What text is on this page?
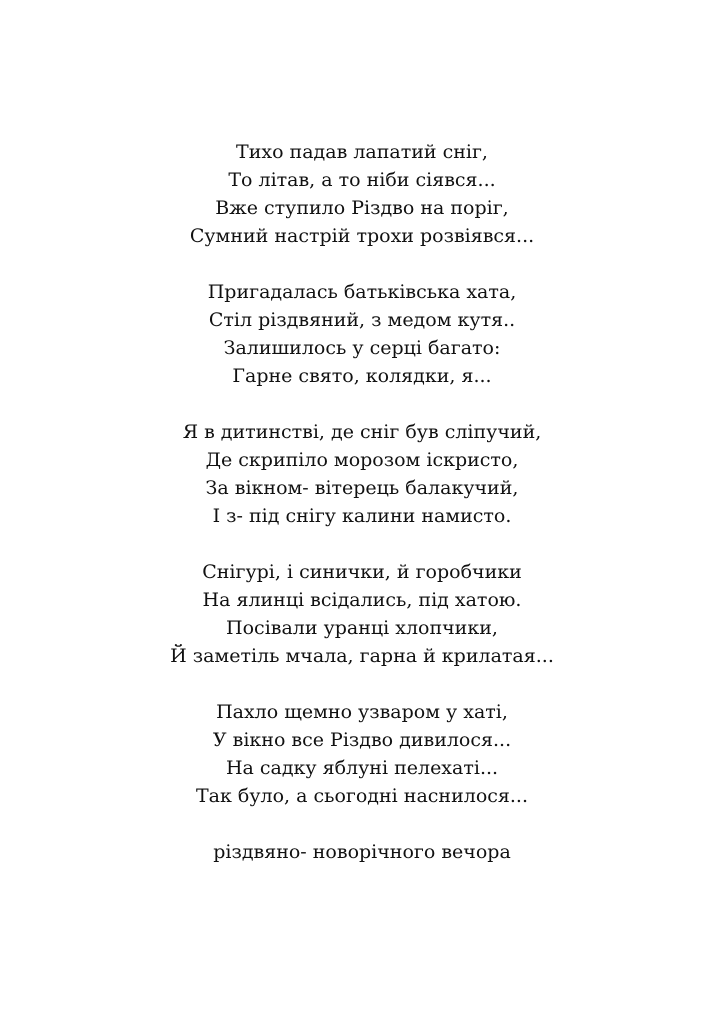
Тихо падав лапатий сніг,
То літав, а то ніби сіявся...
Вже ступило Різдво на поріг,
Сумний настрій трохи розвіявся...
Пригадалась батьківська хата,
Стіл різдвяний, з медом кутя..
Залишилось у серці багато:
Гарне свято, колядки, я...
Я в дитинстві, де сніг був сліпучий,
Де скрипіло морозом іскристо,
За вікном- вітерець балакучий,
І з- під снігу калини намисто.
Снігурі, і синички, й горобчики
На ялинці всідались, під хатою.
Посівали уранці хлопчики,
Й заметіль мчала, гарна й крилатая...
Пахло щемно узваром у хаті,
У вікно все Різдво дивилося...
На садку яблуні пелехаті...
Так було, а сьогодні наснилося...
різдвяно- новорічного вечора
